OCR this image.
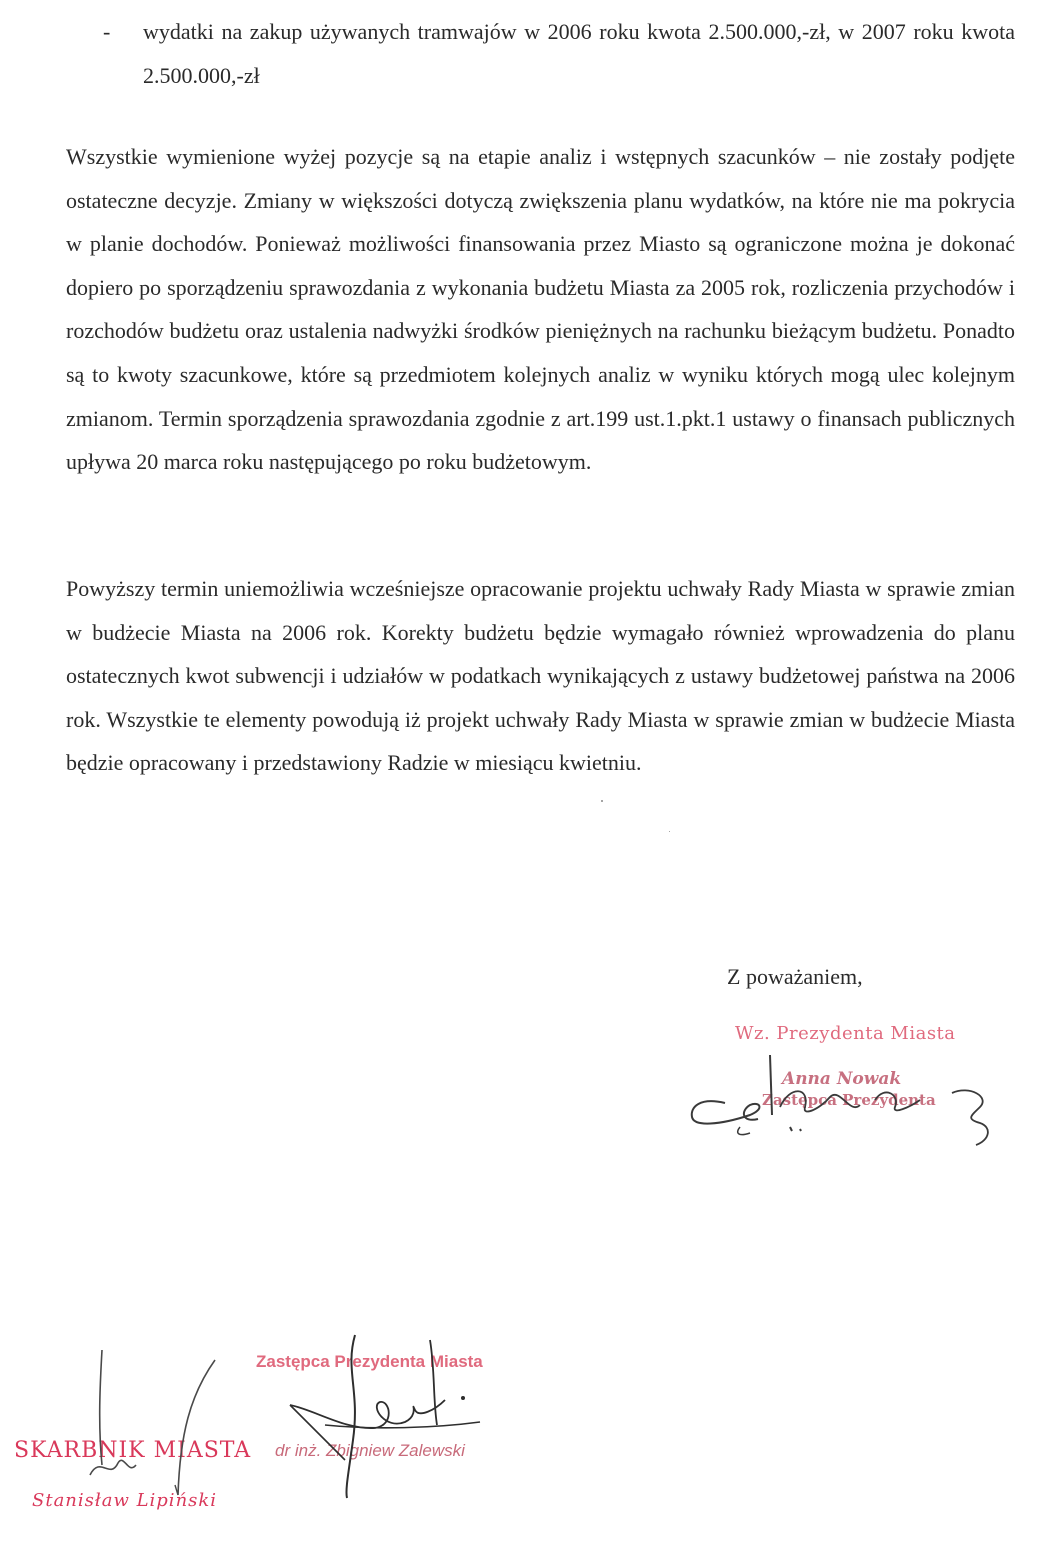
- wydatki na zakup używanych tramwajów w 2006 roku kwota 2.500.000,-zł, w 2007 roku kwota 2.500.000,-zł

Wszystkie wymienione wyżej pozycje są na etapie analiz i wstępnych szacunków – nie zostały podjęte ostateczne decyzje. Zmiany w większości dotyczą zwiększenia planu wydatków, na które nie ma pokrycia w planie dochodów. Ponieważ możliwości finansowania przez Miasto są ograniczone można je dokonać dopiero po sporządzeniu sprawozdania z wykonania budżetu Miasta za 2005 rok, rozliczenia przychodów i rozchodów budżetu oraz ustalenia nadwyżki środków pieniężnych na rachunku bieżącym budżetu. Ponadto są to kwoty szacunkowe, które są przedmiotem kolejnych analiz w wyniku których mogą ulec kolejnym zmianom. Termin sporządzenia sprawozdania zgodnie z art.199 ust.1.pkt.1 ustawy o finansach publicznych upływa 20 marca roku następującego po roku budżetowym.

Powyższy termin uniemożliwia wcześniejsze opracowanie projektu uchwały Rady Miasta w sprawie zmian w budżecie Miasta na 2006 rok. Korekty budżetu będzie wymagało również wprowadzenia do planu ostatecznych kwot subwencji i udziałów w podatkach wynikających z ustawy budżetowej państwa na 2006 rok. Wszystkie te elementy powodują iż projekt uchwały Rady Miasta w sprawie zmian w budżecie Miasta będzie opracowany i przedstawiony Radzie w miesiącu kwietniu.

Z poważaniem,
Wz. Prezydenta Miasta
Anna Nowak
Zastępca Prezydenta
Zastępca Prezydenta Miasta
dr inż. Zbigniew Zalewski
SKARBNIK MIASTA
Stanisław Lipiński
